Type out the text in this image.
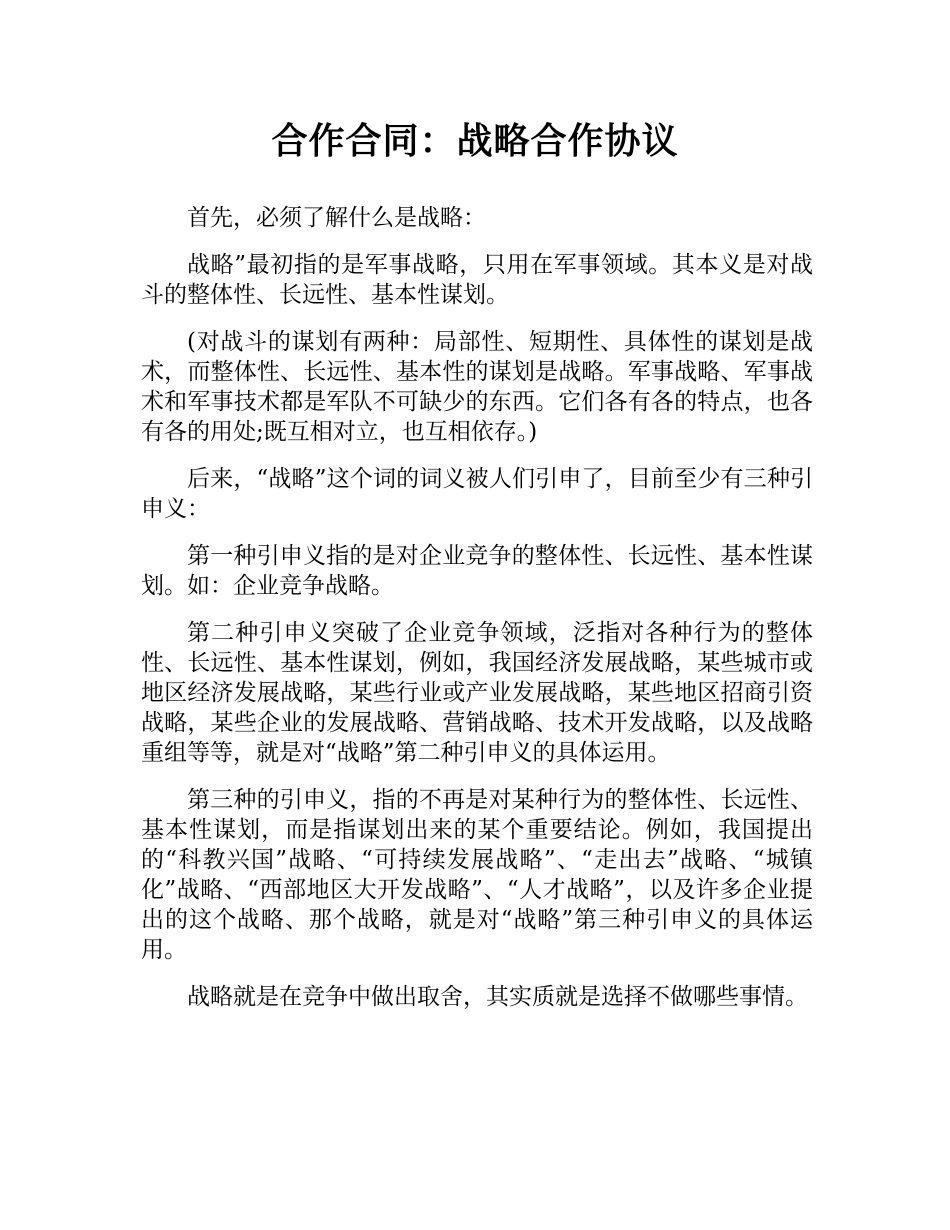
合作合同：战略合作协议

首先，必须了解什么是战略：

战略”最初指的是军事战略，只用在军事领域。其本义是对战斗的整体性、长远性、基本性谋划。

(对战斗的谋划有两种：局部性、短期性、具体性的谋划是战术，而整体性、长远性、基本性的谋划是战略。军事战略、军事战术和军事技术都是军队不可缺少的东西。它们各有各的特点，也各有各的用处;既互相对立，也互相依存。)

后来，“战略”这个词的词义被人们引申了，目前至少有三种引申义：

第一种引申义指的是对企业竞争的整体性、长远性、基本性谋划。如：企业竞争战略。

第二种引申义突破了企业竞争领域，泛指对各种行为的整体性、长远性、基本性谋划，例如，我国经济发展战略，某些城市或地区经济发展战略，某些行业或产业发展战略，某些地区招商引资战略，某些企业的发展战略、营销战略、技术开发战略，以及战略重组等等，就是对“战略”第二种引申义的具体运用。

第三种的引申义，指的不再是对某种行为的整体性、长远性、基本性谋划，而是指谋划出来的某个重要结论。例如，我国提出的“科教兴国”战略、“可持续发展战略”、“走出去”战略、“城镇化”战略、“西部地区大开发战略”、“人才战略”，以及许多企业提出的这个战略、那个战略，就是对“战略”第三种引申义的具体运用。

战略就是在竞争中做出取舍，其实质就是选择不做哪些事情。
